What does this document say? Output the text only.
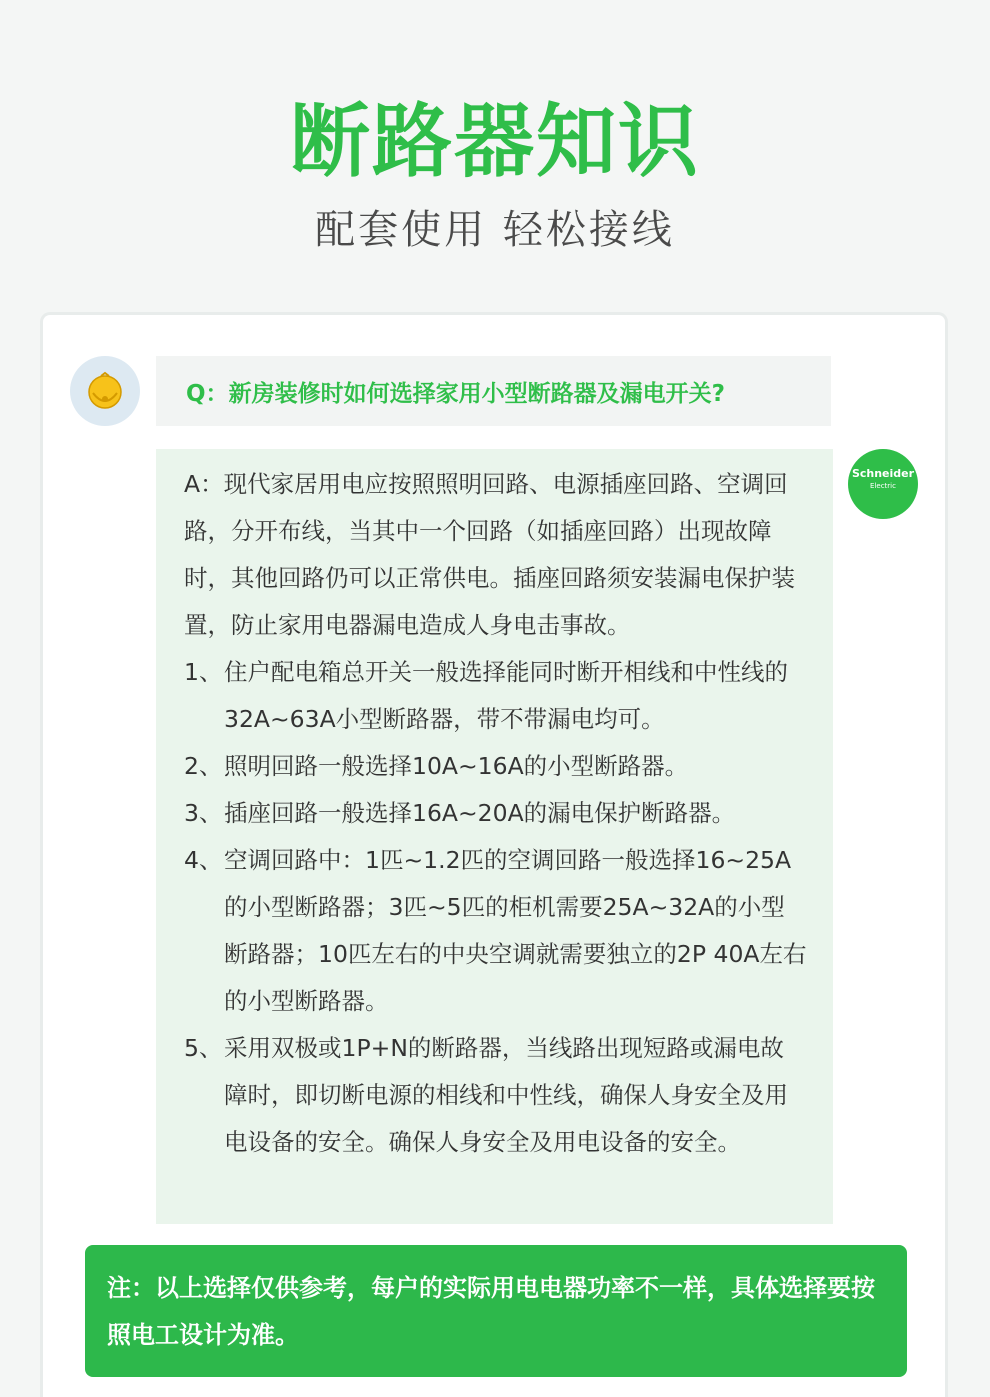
断路器知识
配套使用 轻松接线
Q： 新房装修时如何选择家用小型断路器及漏电开关?
Schneider
Electric

A：现代家居用电应按照照明回路、电源插座回路、空调回路，分开布线，当其中一个回路（如插座回路）出现故障时，其他回路仍可以正常供电。插座回路须安装漏电保护装置，防止家用电器漏电造成人身电击事故。

1、 住户配电箱总开关一般选择能同时断开相线和中性线的32A~63A小型断路器，带不带漏电均可。
2、 照明回路一般选择10A~16A的小型断路器。
3、 插座回路一般选择16A~20A的漏电保护断路器。
4、 空调回路中：1匹~1.2匹的空调回路一般选择16~25A的小型断路器；3匹~5匹的柜机需要25A~32A的小型断路器；10匹左右的中央空调就需要独立的2P 40A左右的小型断路器。
5、 采用双极或1P+N的断路器，当线路出现短路或漏电故障时，即切断电源的相线和中性线，确保人身安全及用电设备的安全。确保人身安全及用电设备的安全。
注：以上选择仅供参考，每户的实际用电电器功率不一样，具体选择要按照电工设计为准。
